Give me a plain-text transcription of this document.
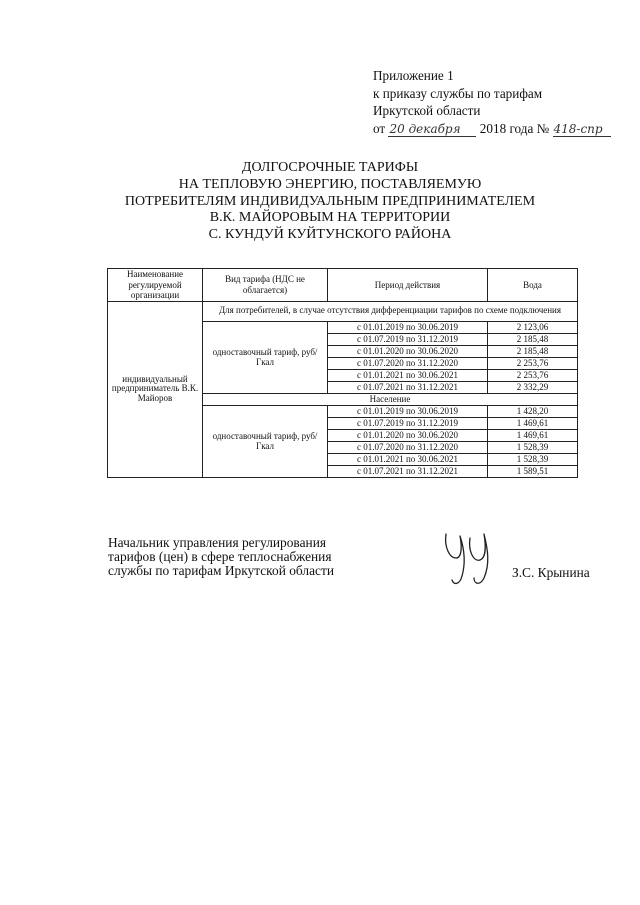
Приложение 1
к приказу службы по тарифам
Иркутской области
от 20 декабря 2018 года № 418-спр
ДОЛГОСРОЧНЫЕ ТАРИФЫ
НА ТЕПЛОВУЮ ЭНЕРГИЮ, ПОСТАВЛЯЕМУЮ
ПОТРЕБИТЕЛЯМ ИНДИВИДУАЛЬНЫМ ПРЕДПРИНИМАТЕЛЕМ
В.К. МАЙОРОВЫМ НА ТЕРРИТОРИИ
С. КУНДУЙ КУЙТУНСКОГО РАЙОНА
Наименование регулируемой организации	Вид тарифа (НДС не облагается)	Период действия	Вода
индивидуальный предприниматель В.К. Майоров	Для потребителей, в случае отсутствия дифференциации тарифов по схеме подключения		
	одноставочный тариф, руб/Гкал	с 01.01.2019 по 30.06.2019	2 123,06
		с 01.07.2019 по 31.12.2019	2 185,48
		с 01.01.2020 по 30.06.2020	2 185,48
		с 01.07.2020 по 31.12.2020	2 253,76
		с 01.01.2021 по 30.06.2021	2 253,76
		с 01.07.2021 по 31.12.2021	2 332,29
	Население		
	одноставочный тариф, руб/Гкал	с 01.01.2019 по 30.06.2019	1 428,20
		с 01.07.2019 по 31.12.2019	1 469,61
		с 01.01.2020 по 30.06.2020	1 469,61
		с 01.07.2020 по 31.12.2020	1 528,39
		с 01.01.2021 по 30.06.2021	1 528,39
		с 01.07.2021 по 31.12.2021	1 589,51
Начальник управления регулирования
тарифов (цен) в сфере теплоснабжения
службы по тарифам Иркутской области	З.С. Крынина
